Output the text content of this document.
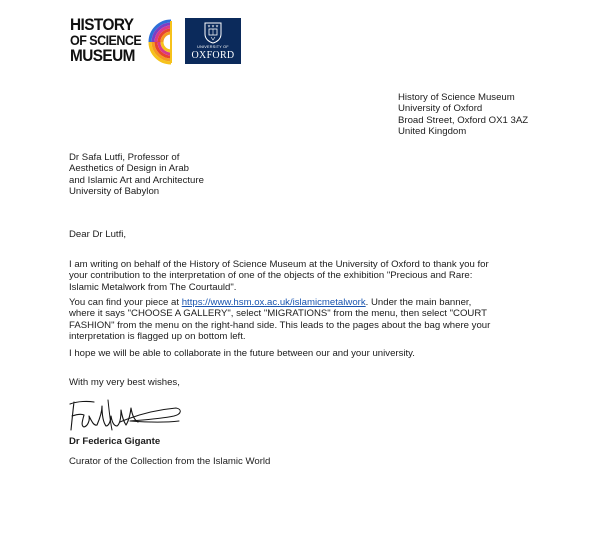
HISTORY
OF SCIENCE
MUSEUM	UNIVERSITY OF
OXFORD
History of Science Museum
University of Oxford
Broad Street, Oxford OX1 3AZ
United Kingdom
Dr Safa Lutfi, Professor of
Aesthetics of Design in Arab
and Islamic Art and Architecture
University of Babylon
Dear Dr Lutfi,
I am writing on behalf of the History of Science Museum at the University of Oxford to thank you for
your contribution to the interpretation of one of the objects of the exhibition "Precious and Rare:
Islamic Metalwork from The Courtauld".
You can find your piece at https://www.hsm.ox.ac.uk/islamicmetalwork. Under the main banner,
where it says "CHOOSE A GALLERY", select "MIGRATIONS" from the menu, then select "COURT
FASHION" from the menu on the right-hand side. This leads to the pages about the bag where your
interpretation is flagged up on bottom left.
I hope we will be able to collaborate in the future between our and your university.
With my very best wishes,
Dr Federica Gigante
Curator of the Collection from the Islamic World
